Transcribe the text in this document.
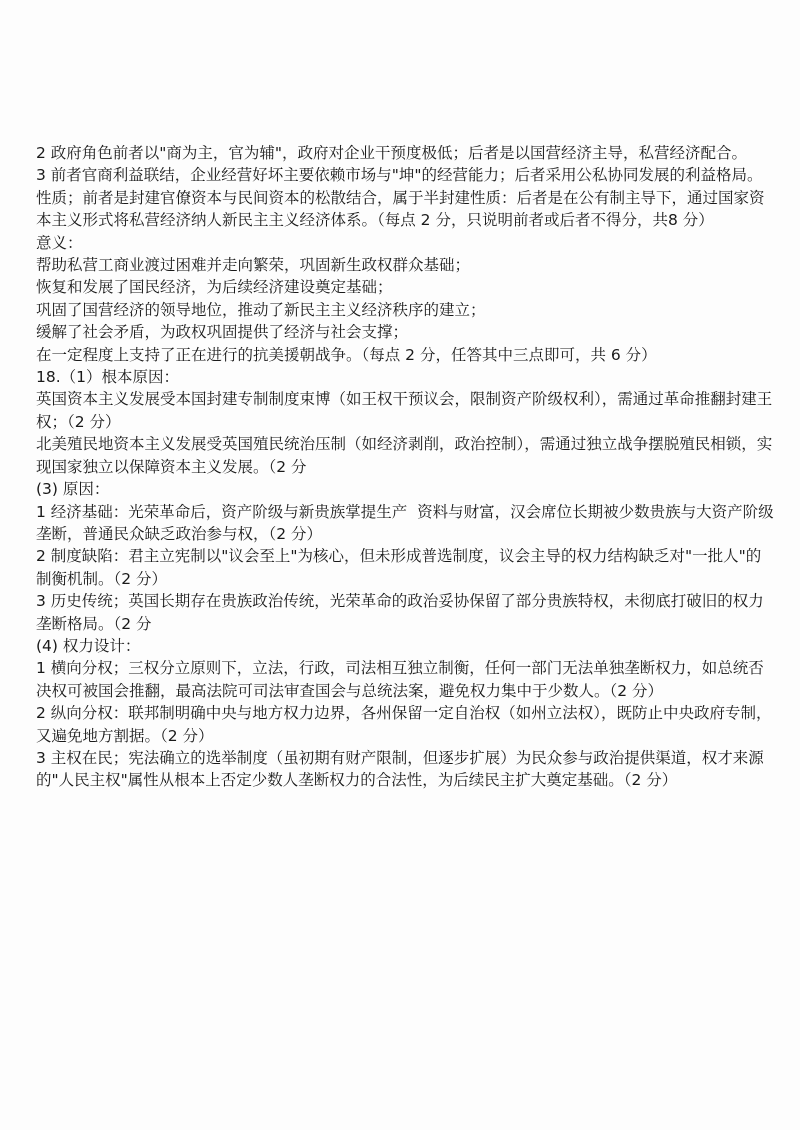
2 政府角色前者以"商为主，官为辅"，政府对企业干预度极低；后者是以国营经济主导，私营经济配合。
3 前者官商利益联结，企业经营好坏主要依赖市场与"坤"的经营能力；后者采用公私协同发展的利益格局。
性质；前者是封建官僚资本与民间资本的松散结合，属于半封建性质：后者是在公有制主导下，通过国家资本主义形式将私营经济纳人新民主主义经济体系。（每点 2 分，只说明前者或后者不得分，共8 分）
意义：
帮助私营工商业渡过困难并走向繁荣，巩固新生政权群众基础；
恢复和发展了国民经济，为后续经济建设奠定基础；
巩固了国营经济的领导地位，推动了新民主主义经济秩序的建立；
缓解了社会矛盾，为政权巩固提供了经济与社会支撑；
在一定程度上支持了正在进行的抗美援朝战争。（每点 2 分，任答其中三点即可，共 6 分）
18.（1）根本原因：
英国资本主义发展受本国封建专制制度束博（如王权干预议会，限制资产阶级权利），需通过革命推翻封建王权；（2 分）
北美殖民地资本主义发展受英国殖民统治压制（如经济剥削，政治控制），需通过独立战争摆脱殖民相锁，实现国家独立以保障资本主义发展。（2 分
(3) 原因：
1 经济基础：光荣革命后，资产阶级与新贵族掌提生产  资料与财富，汉会席位长期被少数贵族与大资产阶级垄断，普通民众缺乏政治参与权，（2 分）
2 制度缺陷：君主立宪制以"议会至上"为核心，但未形成普选制度，议会主导的权力结构缺乏对"一批人"的制衡机制。（2 分）
3 历史传统；英国长期存在贵族政治传统，光荣革命的政治妥协保留了部分贵族特权，未彻底打破旧的权力垄断格局。（2 分
(4) 权力设计：
1 横向分权；三权分立原则下，立法，行政，司法相互独立制衡，任何一部门无法单独垄断权力，如总统否决权可被国会推翻，最高法院可司法审查国会与总统法案，避免权力集中于少数人。（2 分）
2 纵向分权：联邦制明确中央与地方权力边界，各州保留一定自治权（如州立法权），既防止中央政府专制，又遍免地方割据。（2 分）
3 主权在民；宪法确立的选举制度（虽初期有财产限制，但逐步扩展）为民众参与政治提供渠道，权才来源的"人民主权"属性从根本上否定少数人垄断权力的合法性，为后续民主扩大奠定基础。（2 分）
